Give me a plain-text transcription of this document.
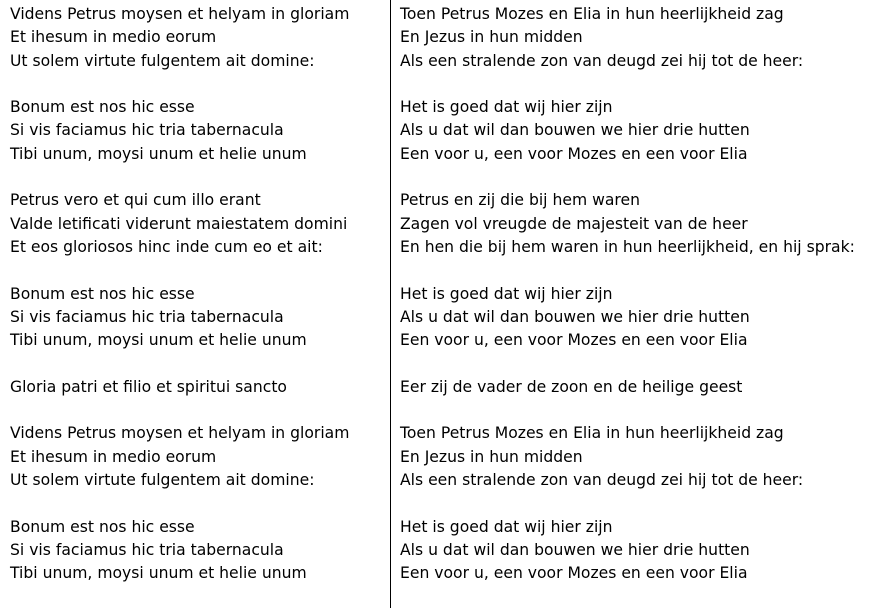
Videns Petrus moysen et helyam in gloriam
Et ihesum in medio eorum
Ut solem virtute fulgentem ait domine:
Bonum est nos hic esse
Si vis faciamus hic tria tabernacula
Tibi unum, moysi unum et helie unum
Petrus vero et qui cum illo erant
Valde letificati viderunt maiestatem domini
Et eos gloriosos hinc inde cum eo et ait:
Bonum est nos hic esse
Si vis faciamus hic tria tabernacula
Tibi unum, moysi unum et helie unum
Gloria patri et filio et spiritui sancto
Videns Petrus moysen et helyam in gloriam
Et ihesum in medio eorum
Ut solem virtute fulgentem ait domine:
Bonum est nos hic esse
Si vis faciamus hic tria tabernacula
Tibi unum, moysi unum et helie unum
Toen Petrus Mozes en Elia in hun heerlijkheid zag
En Jezus in hun midden
Als een stralende zon van deugd zei hij tot de heer:
Het is goed dat wij hier zijn
Als u dat wil dan bouwen we hier drie hutten
Een voor u, een voor Mozes en een voor Elia
Petrus en zij die bij hem waren
Zagen vol vreugde de majesteit van de heer
En hen die bij hem waren in hun heerlijkheid, en hij sprak:
Het is goed dat wij hier zijn
Als u dat wil dan bouwen we hier drie hutten
Een voor u, een voor Mozes en een voor Elia
Eer zij de vader de zoon en de heilige geest
Toen Petrus Mozes en Elia in hun heerlijkheid zag
En Jezus in hun midden
Als een stralende zon van deugd zei hij tot de heer:
Het is goed dat wij hier zijn
Als u dat wil dan bouwen we hier drie hutten
Een voor u, een voor Mozes en een voor Elia
